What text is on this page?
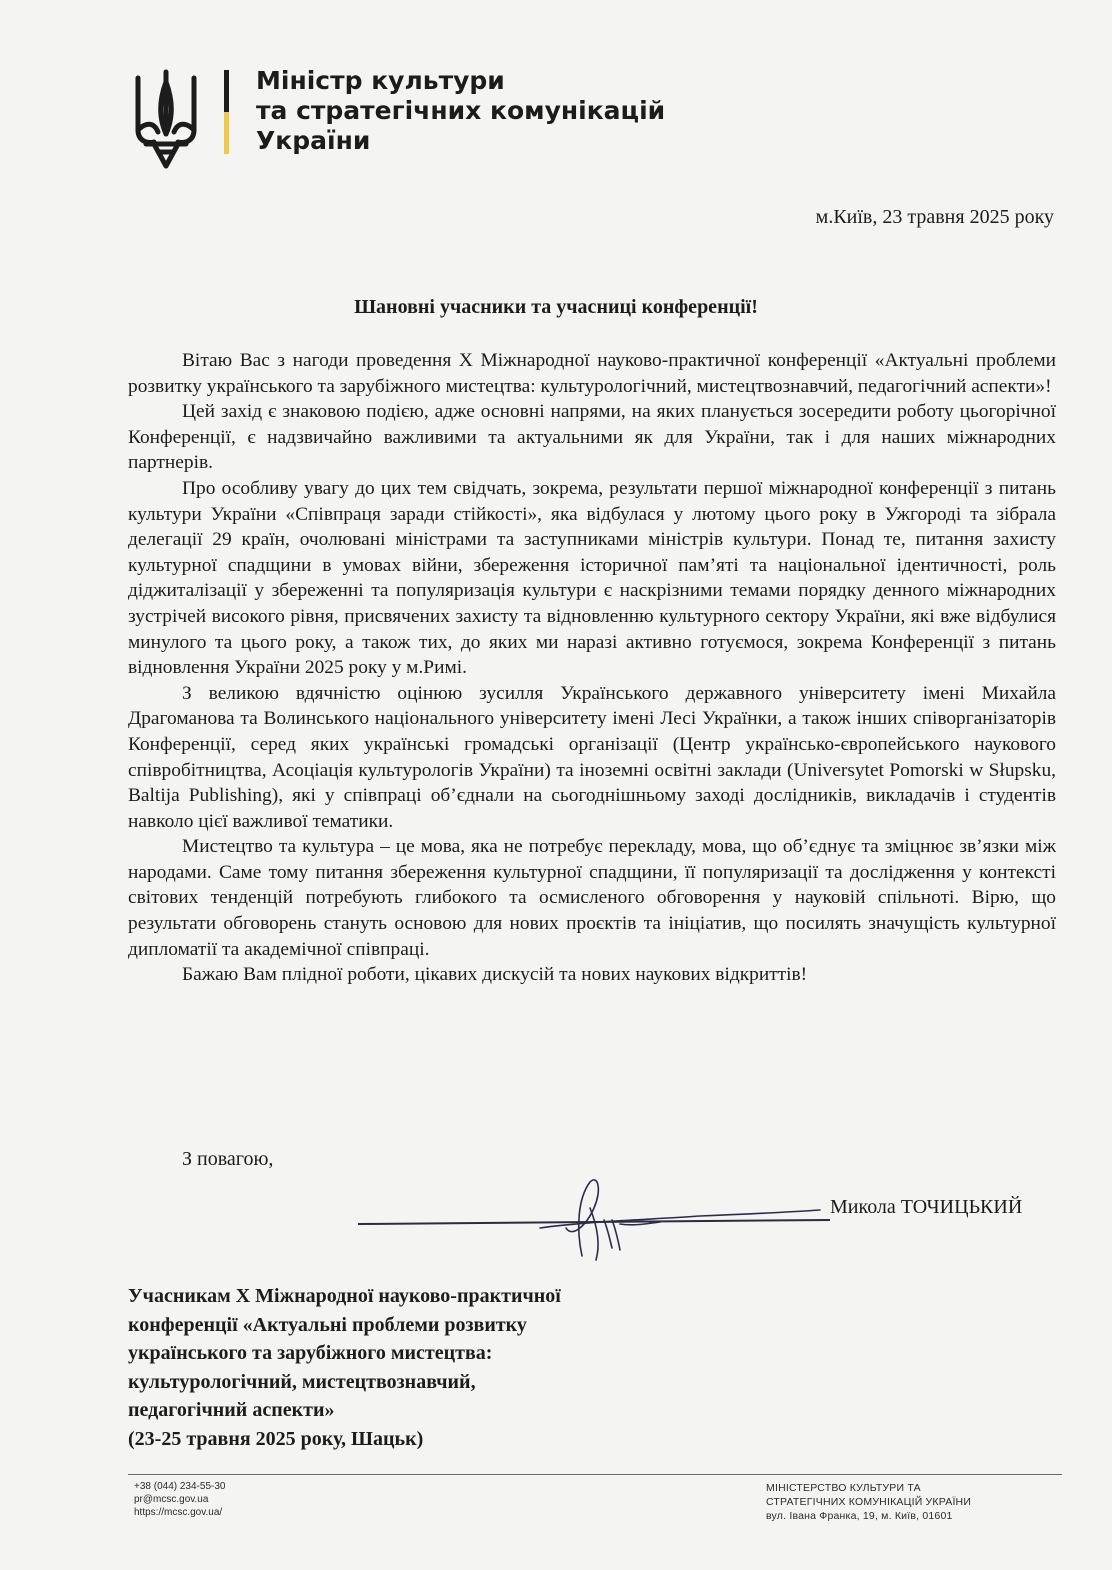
Міністр культури
та стратегічних комунікацій
України
м.Київ, 23 травня 2025 року
Шановні учасники та учасниці конференції!

Вітаю Вас з нагоди проведення Х Міжнародної науково-практичної конференції «Актуальні проблеми розвитку українського та зарубіжного мистецтва: культурологічний, мистецтвознавчий, педагогічний аспекти»!

Цей захід є знаковою подією, адже основні напрями, на яких планується зосередити роботу цьогорічної Конференції, є надзвичайно важливими та актуальними як для України, так і для наших міжнародних партнерів.

Про особливу увагу до цих тем свідчать, зокрема, результати першої міжнародної конференції з питань культури України «Співпраця заради стійкості», яка відбулася у лютому цього року в Ужгороді та зібрала делегації 29 країн, очолювані міністрами та заступниками міністрів культури. Понад те, питання захисту культурної спадщини в умовах війни, збереження історичної пам’яті та національної ідентичності, роль діджиталізації у збереженні та популяризація культури є наскрізними темами порядку денного міжнародних зустрічей високого рівня, присвячених захисту та відновленню культурного сектору України, які вже відбулися минулого та цього року, а також тих, до яких ми наразі активно готуємося, зокрема Конференції з питань відновлення України 2025 року у м.Римі.

З великою вдячністю оцінюю зусилля Українського державного університету імені Михайла Драгоманова та Волинського національного університету імені Лесі Українки, а також інших співорганізаторів Конференції, серед яких українські громадські організації (Центр українсько-європейського наукового співробітництва, Асоціація культурологів України) та іноземні освітні заклади (Universytet Pomorski w Słupsku, Baltija Publishing), які у співпраці об’єднали на сьогоднішньому заході дослідників, викладачів і студентів навколо цієї важливої тематики.

Мистецтво та культура – це мова, яка не потребує перекладу, мова, що об’єднує та зміцнює зв’язки між народами. Саме тому питання збереження культурної спадщини, її популяризації та дослідження у контексті світових тенденцій потребують глибокого та осмисленого обговорення у науковій спільноті. Вірю, що результати обговорень стануть основою для нових проєктів та ініціатив, що посилять значущість культурної дипломатії та академічної співпраці.

Бажаю Вам плідної роботи, цікавих дискусій та нових наукових відкриттів!

З повагою,
Микола ТОЧИЦЬКИЙ
Учасникам Х Міжнародної науково-практичної
конференції «Актуальні проблеми розвитку
українського та зарубіжного мистецтва:
культурологічний, мистецтвознавчий,
педагогічний аспекти»
(23-25 травня 2025 року, Шацьк)
+38 (044) 234-55-30
pr@mcsc.gov.ua
https://mcsc.gov.ua/
МІНІСТЕРСТВО КУЛЬТУРИ ТА
СТРАТЕГІЧНИХ КОМУНІКАЦІЙ УКРАЇНИ
вул. Івана Франка, 19, м. Київ, 01601
